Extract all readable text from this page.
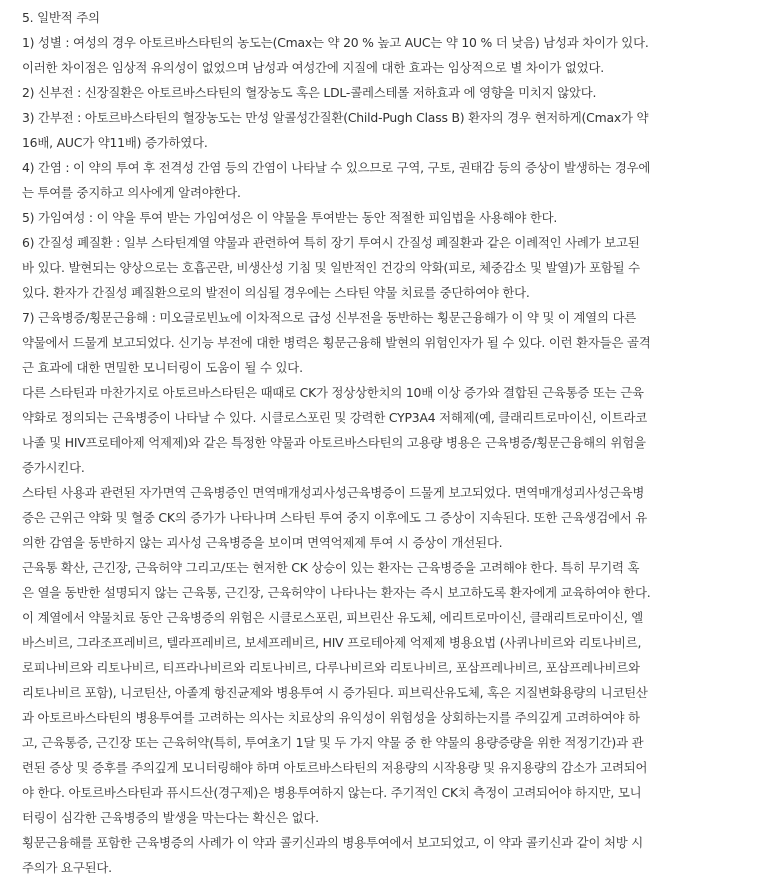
5. 일반적 주의
1) 성별 : 여성의 경우 아토르바스타틴의 농도는(Cmax는 약 20 % 높고 AUC는 약 10 % 더 낮음) 남성과 차이가 있다.
이러한 차이점은 임상적 유의성이 없었으며 남성과 여성간에 지질에 대한 효과는 임상적으로 별 차이가 없었다.
2) 신부전 : 신장질환은 아토르바스타틴의 혈장농도 혹은 LDL-콜레스테롤 저하효과 에 영향을 미치지 않았다.
3) 간부전 : 아토르바스타틴의 혈장농도는 만성 알콜성간질환(Child-Pugh Class B) 환자의 경우 현저하게(Cmax가 약
16배, AUC가 약11배) 증가하였다.
4) 간염 : 이 약의 투여 후 전격성 간염 등의 간염이 나타날 수 있으므로 구역, 구토, 권태감 등의 증상이 발생하는 경우에
는 투여를 중지하고 의사에게 알려야한다.
5) 가임여성 : 이 약을 투여 받는 가임여성은 이 약물을 투여받는 동안 적절한 피임법을 사용해야 한다.
6) 간질성 폐질환 : 일부 스타틴계열 약물과 관련하여 특히 장기 투여시 간질성 폐질환과 같은 이례적인 사례가 보고된
바 있다. 발현되는 양상으로는 호흡곤란, 비생산성 기침 및 일반적인 건강의 악화(피로, 체중감소 및 발열)가 포함될 수
있다. 환자가 간질성 폐질환으로의 발전이 의심될 경우에는 스타틴 약물 치료를 중단하여야 한다.
7) 근육병증/횡문근융해 : 미오글로빈뇨에 이차적으로 급성 신부전을 동반하는 횡문근융해가 이 약 및 이 계열의 다른
약물에서 드물게 보고되었다. 신기능 부전에 대한 병력은 횡문근융해 발현의 위험인자가 될 수 있다. 이런 환자들은 골격
근 효과에 대한 면밀한 모니터링이 도움이 될 수 있다.
다른 스타틴과 마찬가지로 아토르바스타틴은 때때로 CK가 정상상한치의 10배 이상 증가와 결합된 근육통증 또는 근육
약화로 정의되는 근육병증이 나타날 수 있다. 시클로스포린 및 강력한 CYP3A4 저해제(예, 클래리트로마이신, 이트라코
나졸 및 HIV프로테아제 억제제)와 같은 특정한 약물과 아토르바스타틴의 고용량 병용은 근육병증/횡문근융해의 위험을
증가시킨다.
스타틴 사용과 관련된 자가면역 근육병증인 면역매개성괴사성근육병증이 드물게 보고되었다. 면역매개성괴사성근육병
증은 근위근 약화 및 혈중 CK의 증가가 나타나며 스타틴 투여 중지 이후에도 그 증상이 지속된다. 또한 근육생검에서 유
의한 감염을 동반하지 않는 괴사성 근육병증을 보이며 면역억제제 투여 시 증상이 개선된다.
근육통 확산, 근긴장, 근육허약 그리고/또는 현저한 CK 상승이 있는 환자는 근육병증을 고려해야 한다. 특히 무기력 혹
은 열을 동반한 설명되지 않는 근육통, 근긴장, 근육허약이 나타나는 환자는 즉시 보고하도록 환자에게 교육하여야 한다.
이 계열에서 약물치료 동안 근육병증의 위험은 시클로스포린, 피브린산 유도체, 에리트로마이신, 클래리트로마이신, 엘
바스비르, 그라조프레비르, 텔라프레비르, 보세프레비르, HIV 프로테아제 억제제 병용요법 (사퀴나비르와 리토나비르,
로피나비르와 리토나비르, 티프라나비르와 리토나비르, 다루나비르와 리토나비르, 포삼프레나비르, 포삼프레나비르와
리토나비르 포함), 니코틴산, 아졸계 항진균제와 병용투여 시 증가된다. 피브릭산유도체, 혹은 지질변화용량의 니코틴산
과 아토르바스타틴의 병용투여를 고려하는 의사는 치료상의 유익성이 위험성을 상회하는지를 주의깊게 고려하여야 하
고, 근육통증, 근긴장 또는 근육허약(특히, 투여초기 1달 및 두 가지 약물 중 한 약물의 용량증량을 위한 적정기간)과 관
련된 증상 및 증후를 주의깊게 모니터링해야 하며 아토르바스타틴의 저용량의 시작용량 및 유지용량의 감소가 고려되어
야 한다. 아토르바스타틴과 퓨시드산(경구제)은 병용투여하지 않는다. 주기적인 CK치 측정이 고려되어야 하지만, 모니
터링이 심각한 근육병증의 발생을 막는다는 확신은 없다.
횡문근융해를 포함한 근육병증의 사례가 이 약과 콜키신과의 병용투여에서 보고되었고, 이 약과 콜키신과 같이 처방 시
주의가 요구된다.
